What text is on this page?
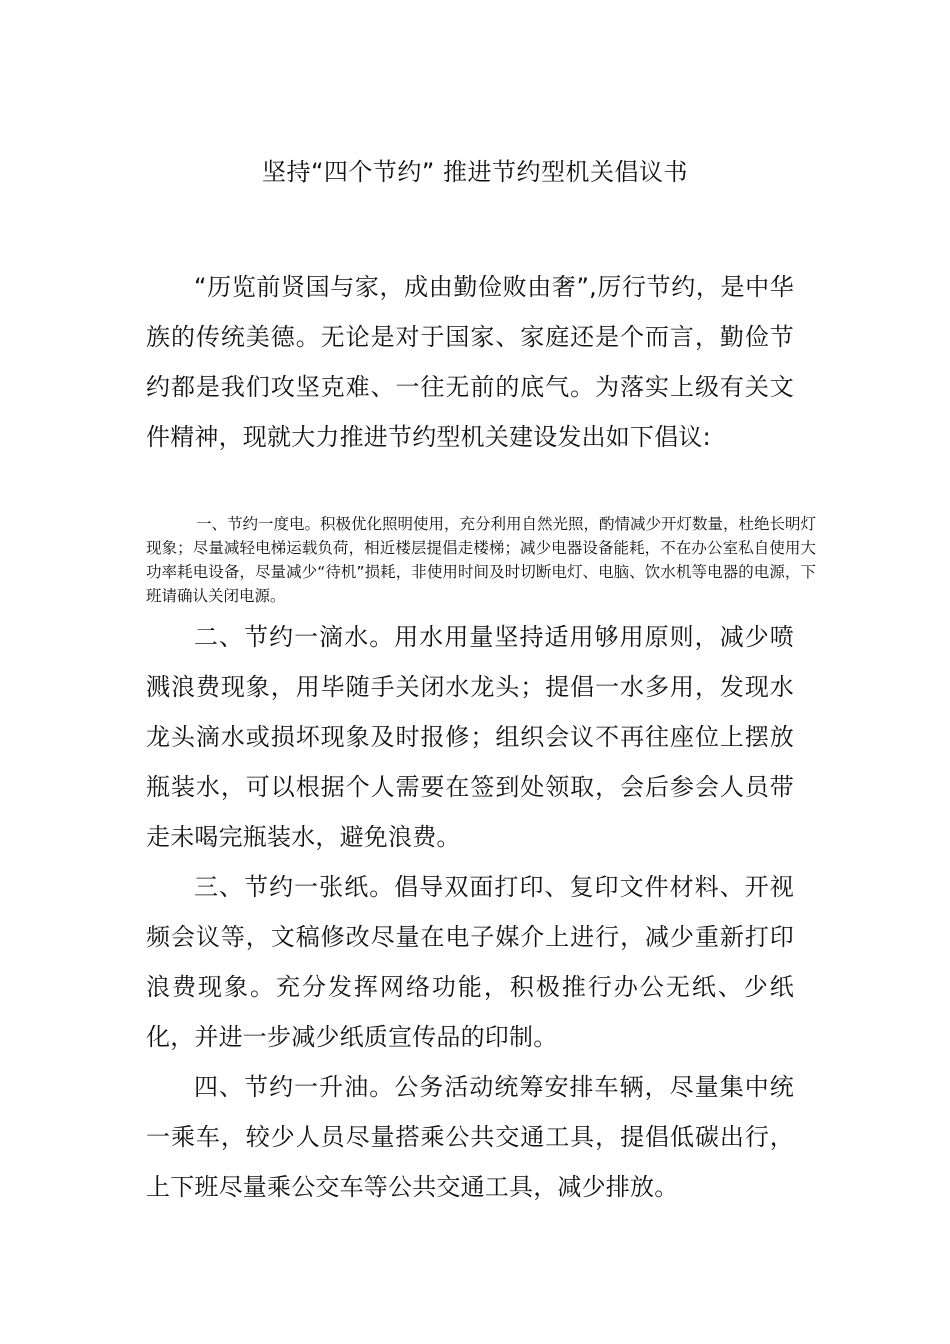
坚持“四个节约” 推进节约型机关倡议书

“历览前贤国与家，成由勤俭败由奢”,厉行节约，是中华族的传统美德。无论是对于国家、家庭还是个而言，勤俭节约都是我们攻坚克难、一往无前的底气。为落实上级有关文件精神，现就大力推进节约型机关建设发出如下倡议:

一、节约一度电。积极优化照明使用，充分利用自然光照，酌情减少开灯数量，杜绝长明灯现象；尽量减轻电梯运载负荷，相近楼层提倡走楼梯；减少电器设备能耗，不在办公室私自使用大功率耗电设备，尽量减少“待机”损耗，非使用时间及时切断电灯、电脑、饮水机等电器的电源，下班请确认关闭电源。

二、节约一滴水。用水用量坚持适用够用原则，减少喷溅浪费现象，用毕随手关闭水龙头；提倡一水多用，发现水龙头滴水或损坏现象及时报修；组织会议不再往座位上摆放瓶装水，可以根据个人需要在签到处领取，会后参会人员带走未喝完瓶装水，避免浪费。

三、节约一张纸。倡导双面打印、复印文件材料、开视频会议等，文稿修改尽量在电子媒介上进行，减少重新打印浪费现象。充分发挥网络功能，积极推行办公无纸、少纸化，并进一步减少纸质宣传品的印制。

四、节约一升油。公务活动统筹安排车辆，尽量集中统一乘车，较少人员尽量搭乘公共交通工具，提倡低碳出行，上下班尽量乘公交车等公共交通工具，减少排放。
